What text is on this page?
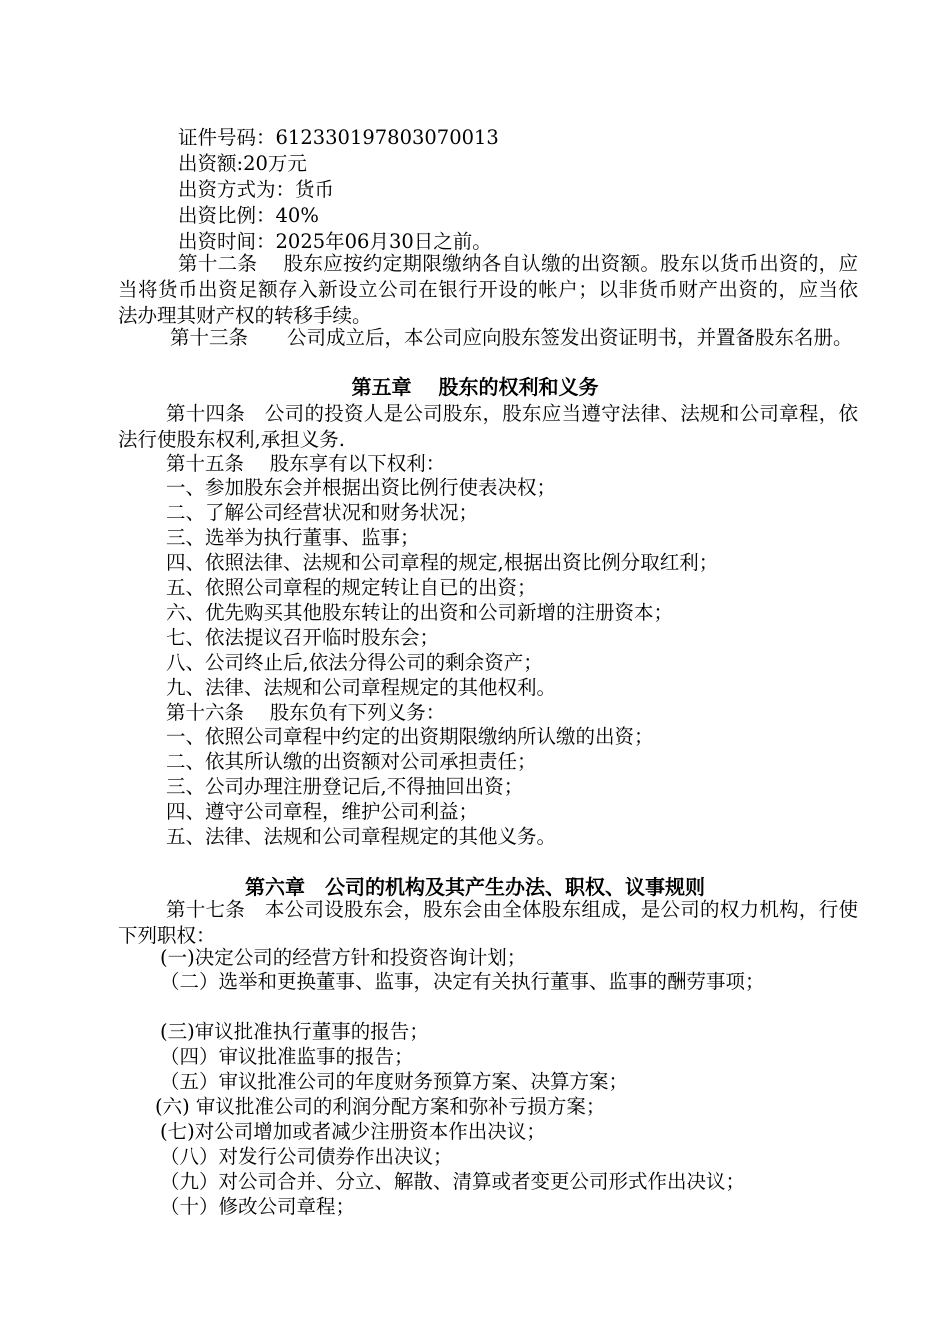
证件号码：612330197803070013

出资额:20万元

出资方式为：货币

出资比例：40%

出资时间：2025年06月30日之前。

第十二条　 股东应按约定期限缴纳各自认缴的出资额。股东以货币出资的，应当将货币出资足额存入新设立公司在银行开设的帐户；以非货币财产出资的，应当依法办理其财产权的转移手续。

第十三条　　公司成立后，本公司应向股东签发出资证明书，并置备股东名册。

第五章　 股东的权利和义务

第十四条　公司的投资人是公司股东，股东应当遵守法律、法规和公司章程，依法行使股东权利,承担义务.

第十五条　 股东享有以下权利：

一、参加股东会并根据出资比例行使表决权；

二、了解公司经营状况和财务状况；

三、选举为执行董事、监事；

四、依照法律、法规和公司章程的规定,根据出资比例分取红利；

五、依照公司章程的规定转让自已的出资；

六、优先购买其他股东转让的出资和公司新增的注册资本；

七、依法提议召开临时股东会；

八、公司终止后,依法分得公司的剩余资产；

九、法律、法规和公司章程规定的其他权利。

第十六条　 股东负有下列义务：

一、依照公司章程中约定的出资期限缴纳所认缴的出资；

二、依其所认缴的出资额对公司承担责任；

三、公司办理注册登记后,不得抽回出资；

四、遵守公司章程，维护公司利益；

五、法律、法规和公司章程规定的其他义务。

第六章　公司的机构及其产生办法、职权、议事规则

第十七条　本公司设股东会，股东会由全体股东组成，是公司的权力机构，行使下列职权：

(一)决定公司的经营方针和投资咨询计划；

（二）选举和更换董事、监事，决定有关执行董事、监事的酬劳事项；

(三)审议批准执行董事的报告；

（四）审议批准监事的报告；

（五）审议批准公司的年度财务预算方案、决算方案；

(六) 审议批准公司的利润分配方案和弥补亏损方案；

(七)对公司增加或者减少注册资本作出决议；

（八）对发行公司债券作出决议；

（九）对公司合并、分立、解散、清算或者变更公司形式作出决议；

（十）修改公司章程；
